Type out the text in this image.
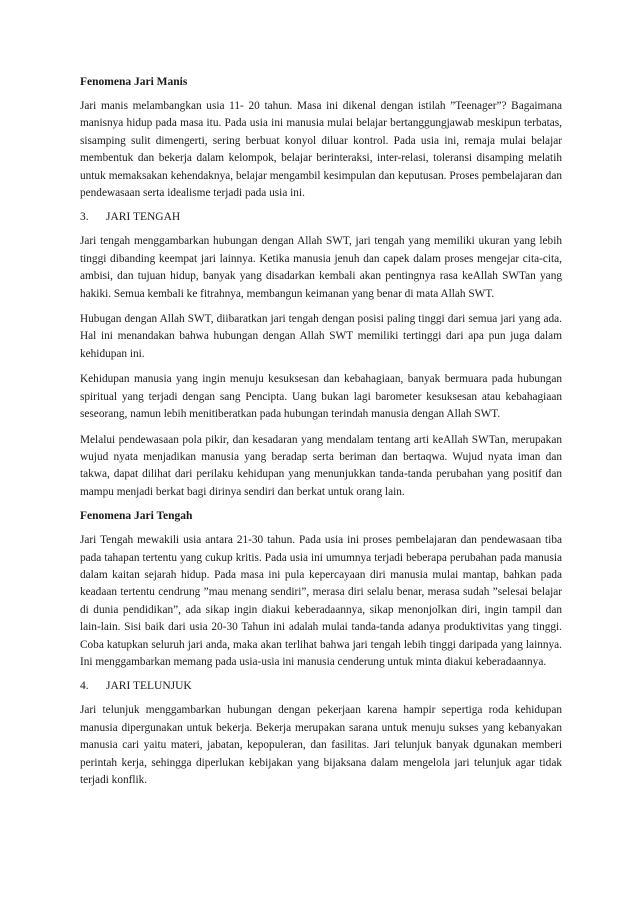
Fenomena Jari Manis

Jari manis melambangkan usia 11- 20 tahun. Masa ini dikenal dengan istilah ”Teenager”? Bagaimana manisnya hidup pada masa itu. Pada usia ini manusia mulai belajar bertanggungjawab meskipun terbatas, sisamping sulit dimengerti, sering berbuat konyol diluar kontrol. Pada usia ini, remaja mulai belajar membentuk dan bekerja dalam kelompok, belajar berinteraksi, inter-relasi, toleransi disamping melatih untuk memaksakan kehendaknya, belajar mengambil kesimpulan dan keputusan. Proses pembelajaran dan pendewasaan serta idealisme terjadi pada usia ini.

3.	JARI TENGAH

Jari tengah menggambarkan hubungan dengan Allah SWT, jari tengah yang memiliki ukuran yang lebih tinggi dibanding keempat jari lainnya. Ketika manusia jenuh dan capek dalam proses mengejar cita-cita, ambisi, dan tujuan hidup, banyak yang disadarkan kembali akan pentingnya rasa keAllah SWTan yang hakiki. Semua kembali ke fitrahnya, membangun keimanan yang benar di mata Allah SWT.

Hubugan dengan Allah SWT, diibaratkan jari tengah dengan posisi paling tinggi dari semua jari yang ada. Hal ini menandakan bahwa hubungan dengan Allah SWT memiliki tertinggi dari apa pun juga dalam kehidupan ini.

Kehidupan manusia yang ingin menuju kesuksesan dan kebahagiaan, banyak bermuara pada hubungan spiritual yang terjadi dengan sang Pencipta. Uang bukan lagi barometer kesuksesan atau kebahagiaan seseorang, namun lebih menitiberatkan pada hubungan terindah manusia dengan Allah SWT.

Melalui pendewasaan pola pikir, dan kesadaran yang mendalam tentang arti keAllah SWTan, merupakan wujud nyata menjadikan manusia yang beradap serta beriman dan bertaqwa. Wujud nyata iman dan takwa, dapat dilihat dari perilaku kehidupan yang menunjukkan tanda-tanda perubahan yang positif dan mampu menjadi berkat bagi dirinya sendiri dan berkat untuk orang lain.

Fenomena Jari Tengah

Jari Tengah mewakili usia antara 21-30 tahun. Pada usia ini proses pembelajaran dan pendewasaan tiba pada tahapan tertentu yang cukup kritis. Pada usia ini umumnya terjadi beberapa perubahan pada manusia dalam kaitan sejarah hidup. Pada masa ini pula kepercayaan diri manusia mulai mantap, bahkan pada keadaan tertentu cendrung ”mau menang sendiri”, merasa diri selalu benar, merasa sudah ”selesai belajar di dunia pendidikan”, ada sikap ingin diakui keberadaannya, sikap menonjolkan diri, ingin tampil dan lain-lain. Sisi baik dari usia 20-30 Tahun ini adalah mulai tanda-tanda adanya produktivitas yang tinggi. Coba katupkan seluruh jari anda, maka akan terlihat bahwa jari tengah lebih tinggi daripada yang lainnya. Ini menggambarkan memang pada usia-usia ini manusia cenderung untuk minta diakui keberadaannya.

4.	JARI TELUNJUK

Jari telunjuk menggambarkan hubungan dengan pekerjaan karena hampir sepertiga roda kehidupan manusia dipergunakan untuk bekerja. Bekerja merupakan sarana untuk menuju sukses yang kebanyakan manusia cari yaitu materi, jabatan, kepopuleran, dan fasilitas. Jari telunjuk banyak dgunakan memberi perintah kerja, sehingga diperlukan kebijakan yang bijaksana dalam mengelola jari telunjuk agar tidak terjadi konflik.
